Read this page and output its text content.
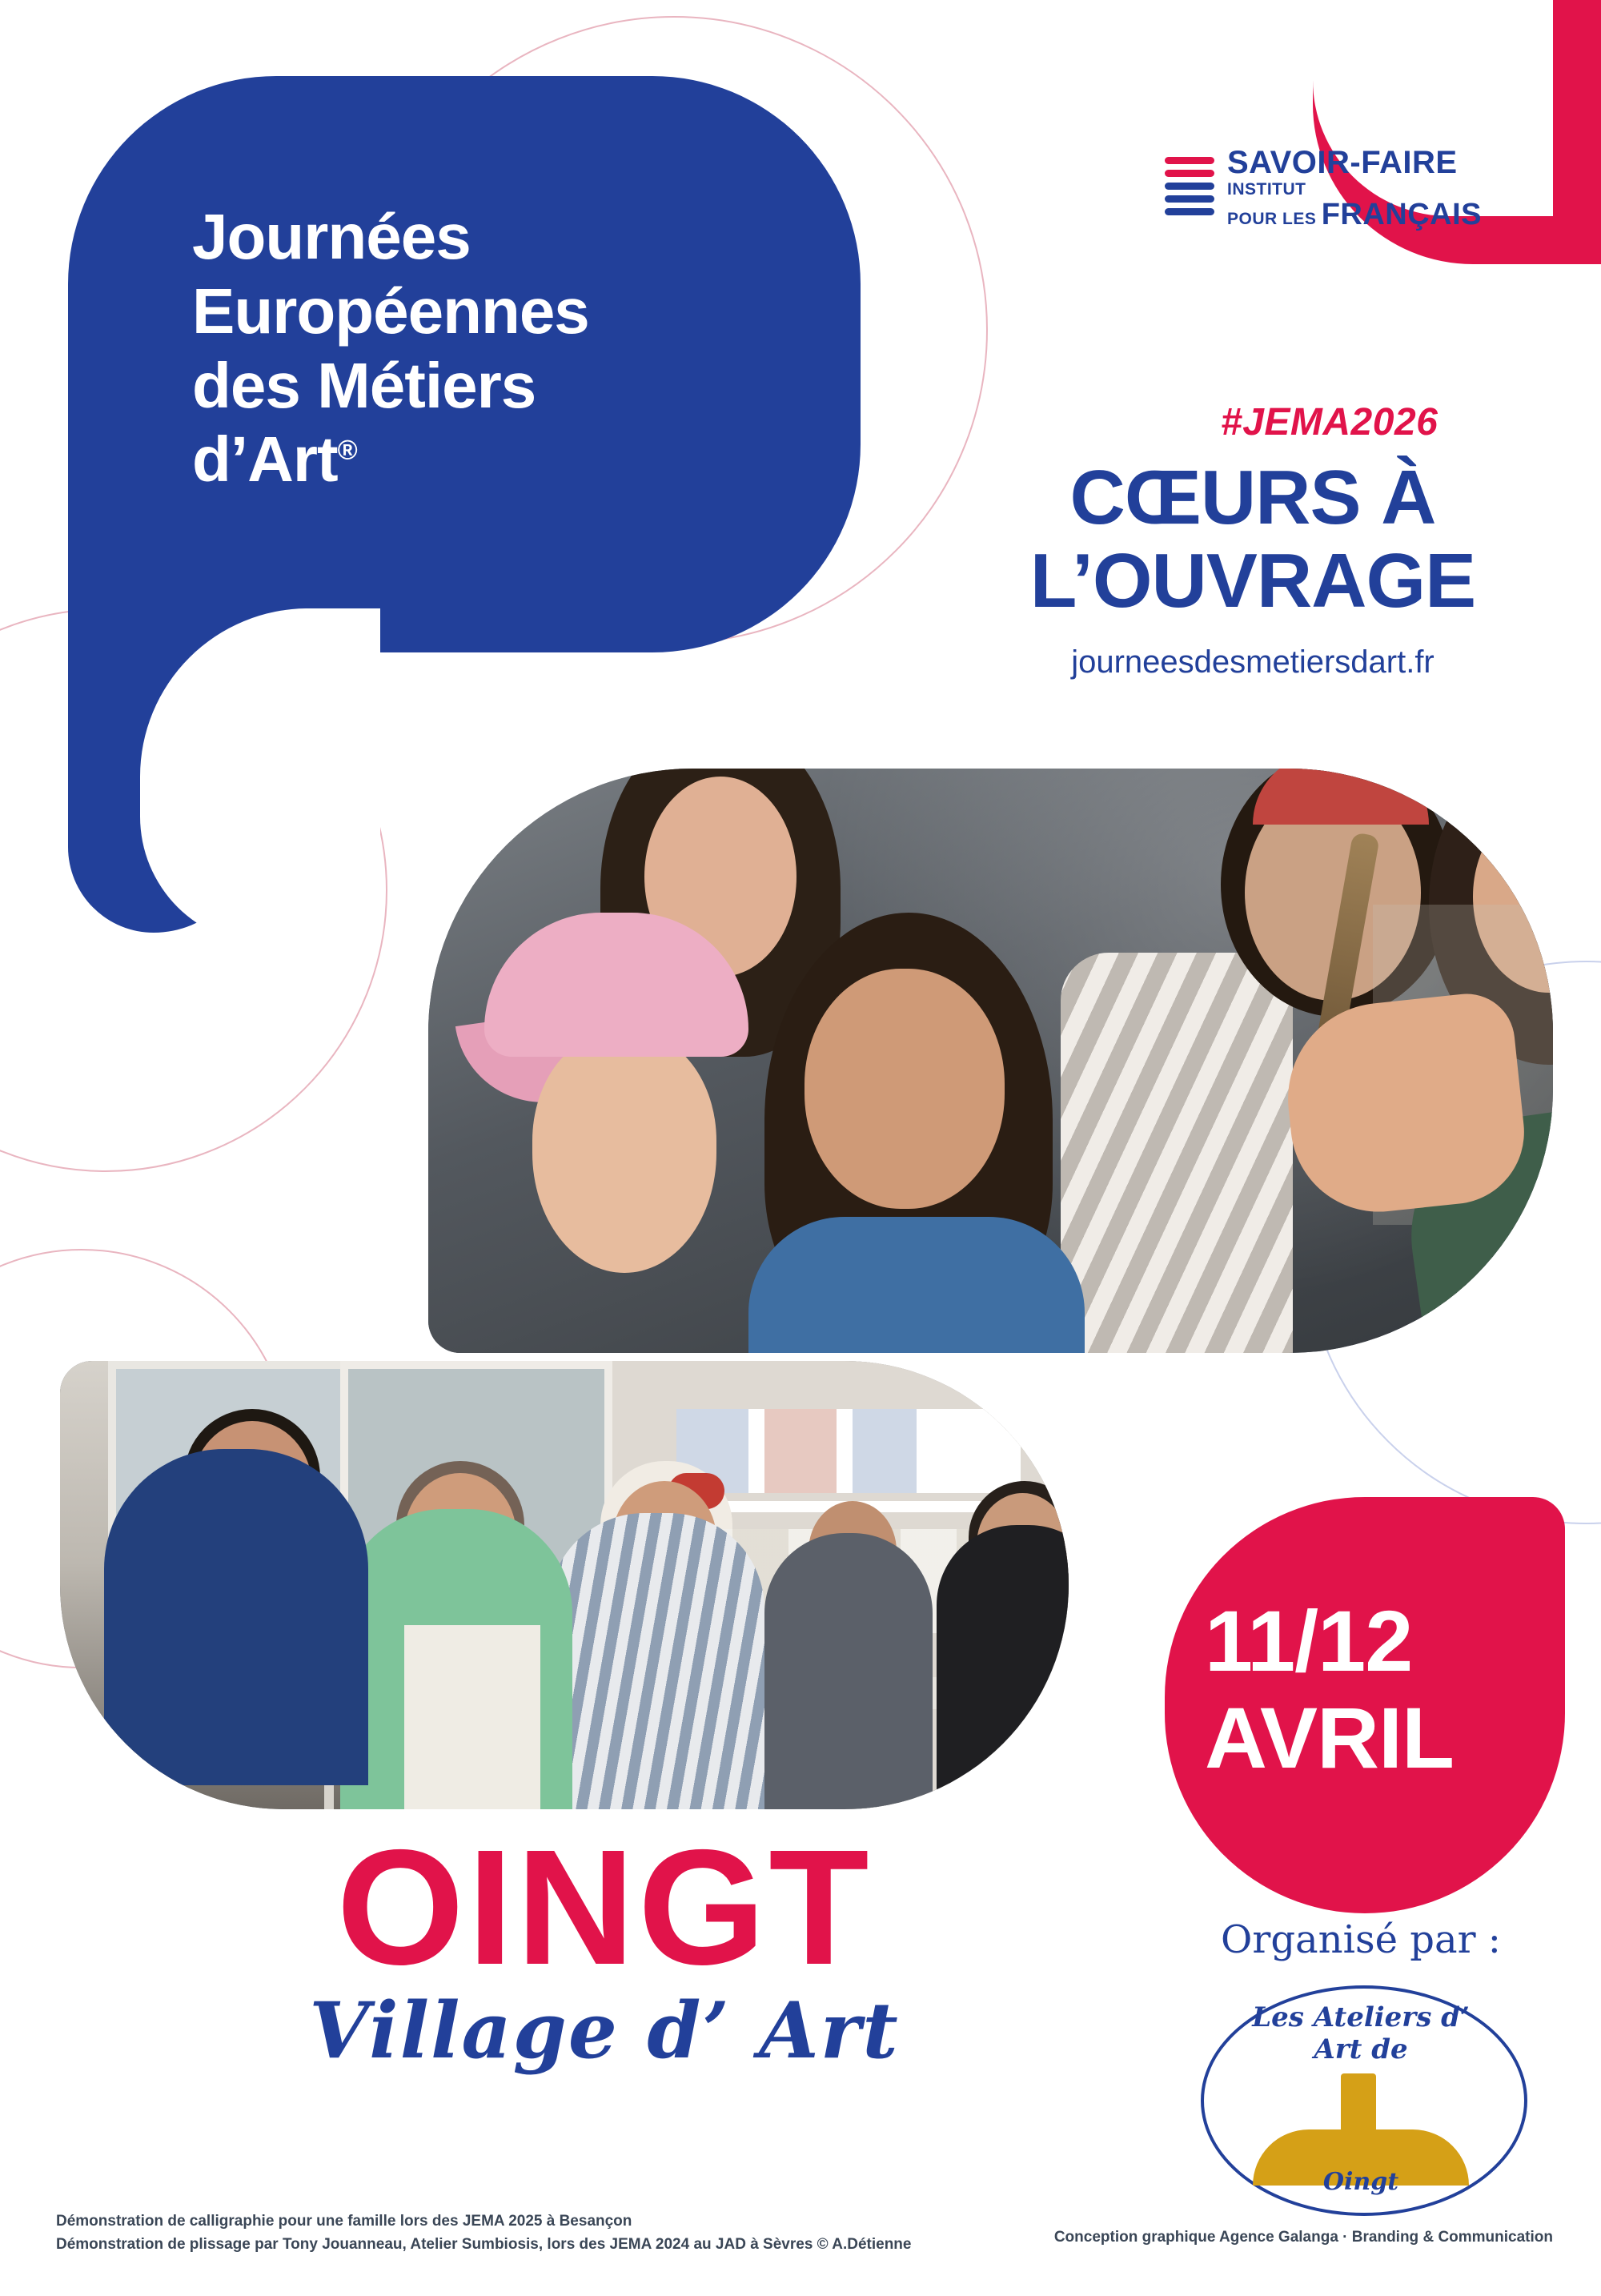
Journées
Européennes
des Métiers
d’Art®
SAVOIR-FAIRE
INSTITUT
POUR LES FRANÇAIS
#JEMA2026
CŒURS À
L’OUVRAGE
journeesdesmetiersdart.fr
11/12
AVRIL
OINGT
Village d’ Art
Organisé par :
Les Ateliers d’ Art de
Oingt
Démonstration de calligraphie pour une famille lors des JEMA 2025 à Besançon
Démonstration de plissage par Tony Jouanneau, Atelier Sumbiosis, lors des JEMA 2024 au JAD à Sèvres © A.Détienne	Conception graphique Agence Galanga · Branding & Communication
